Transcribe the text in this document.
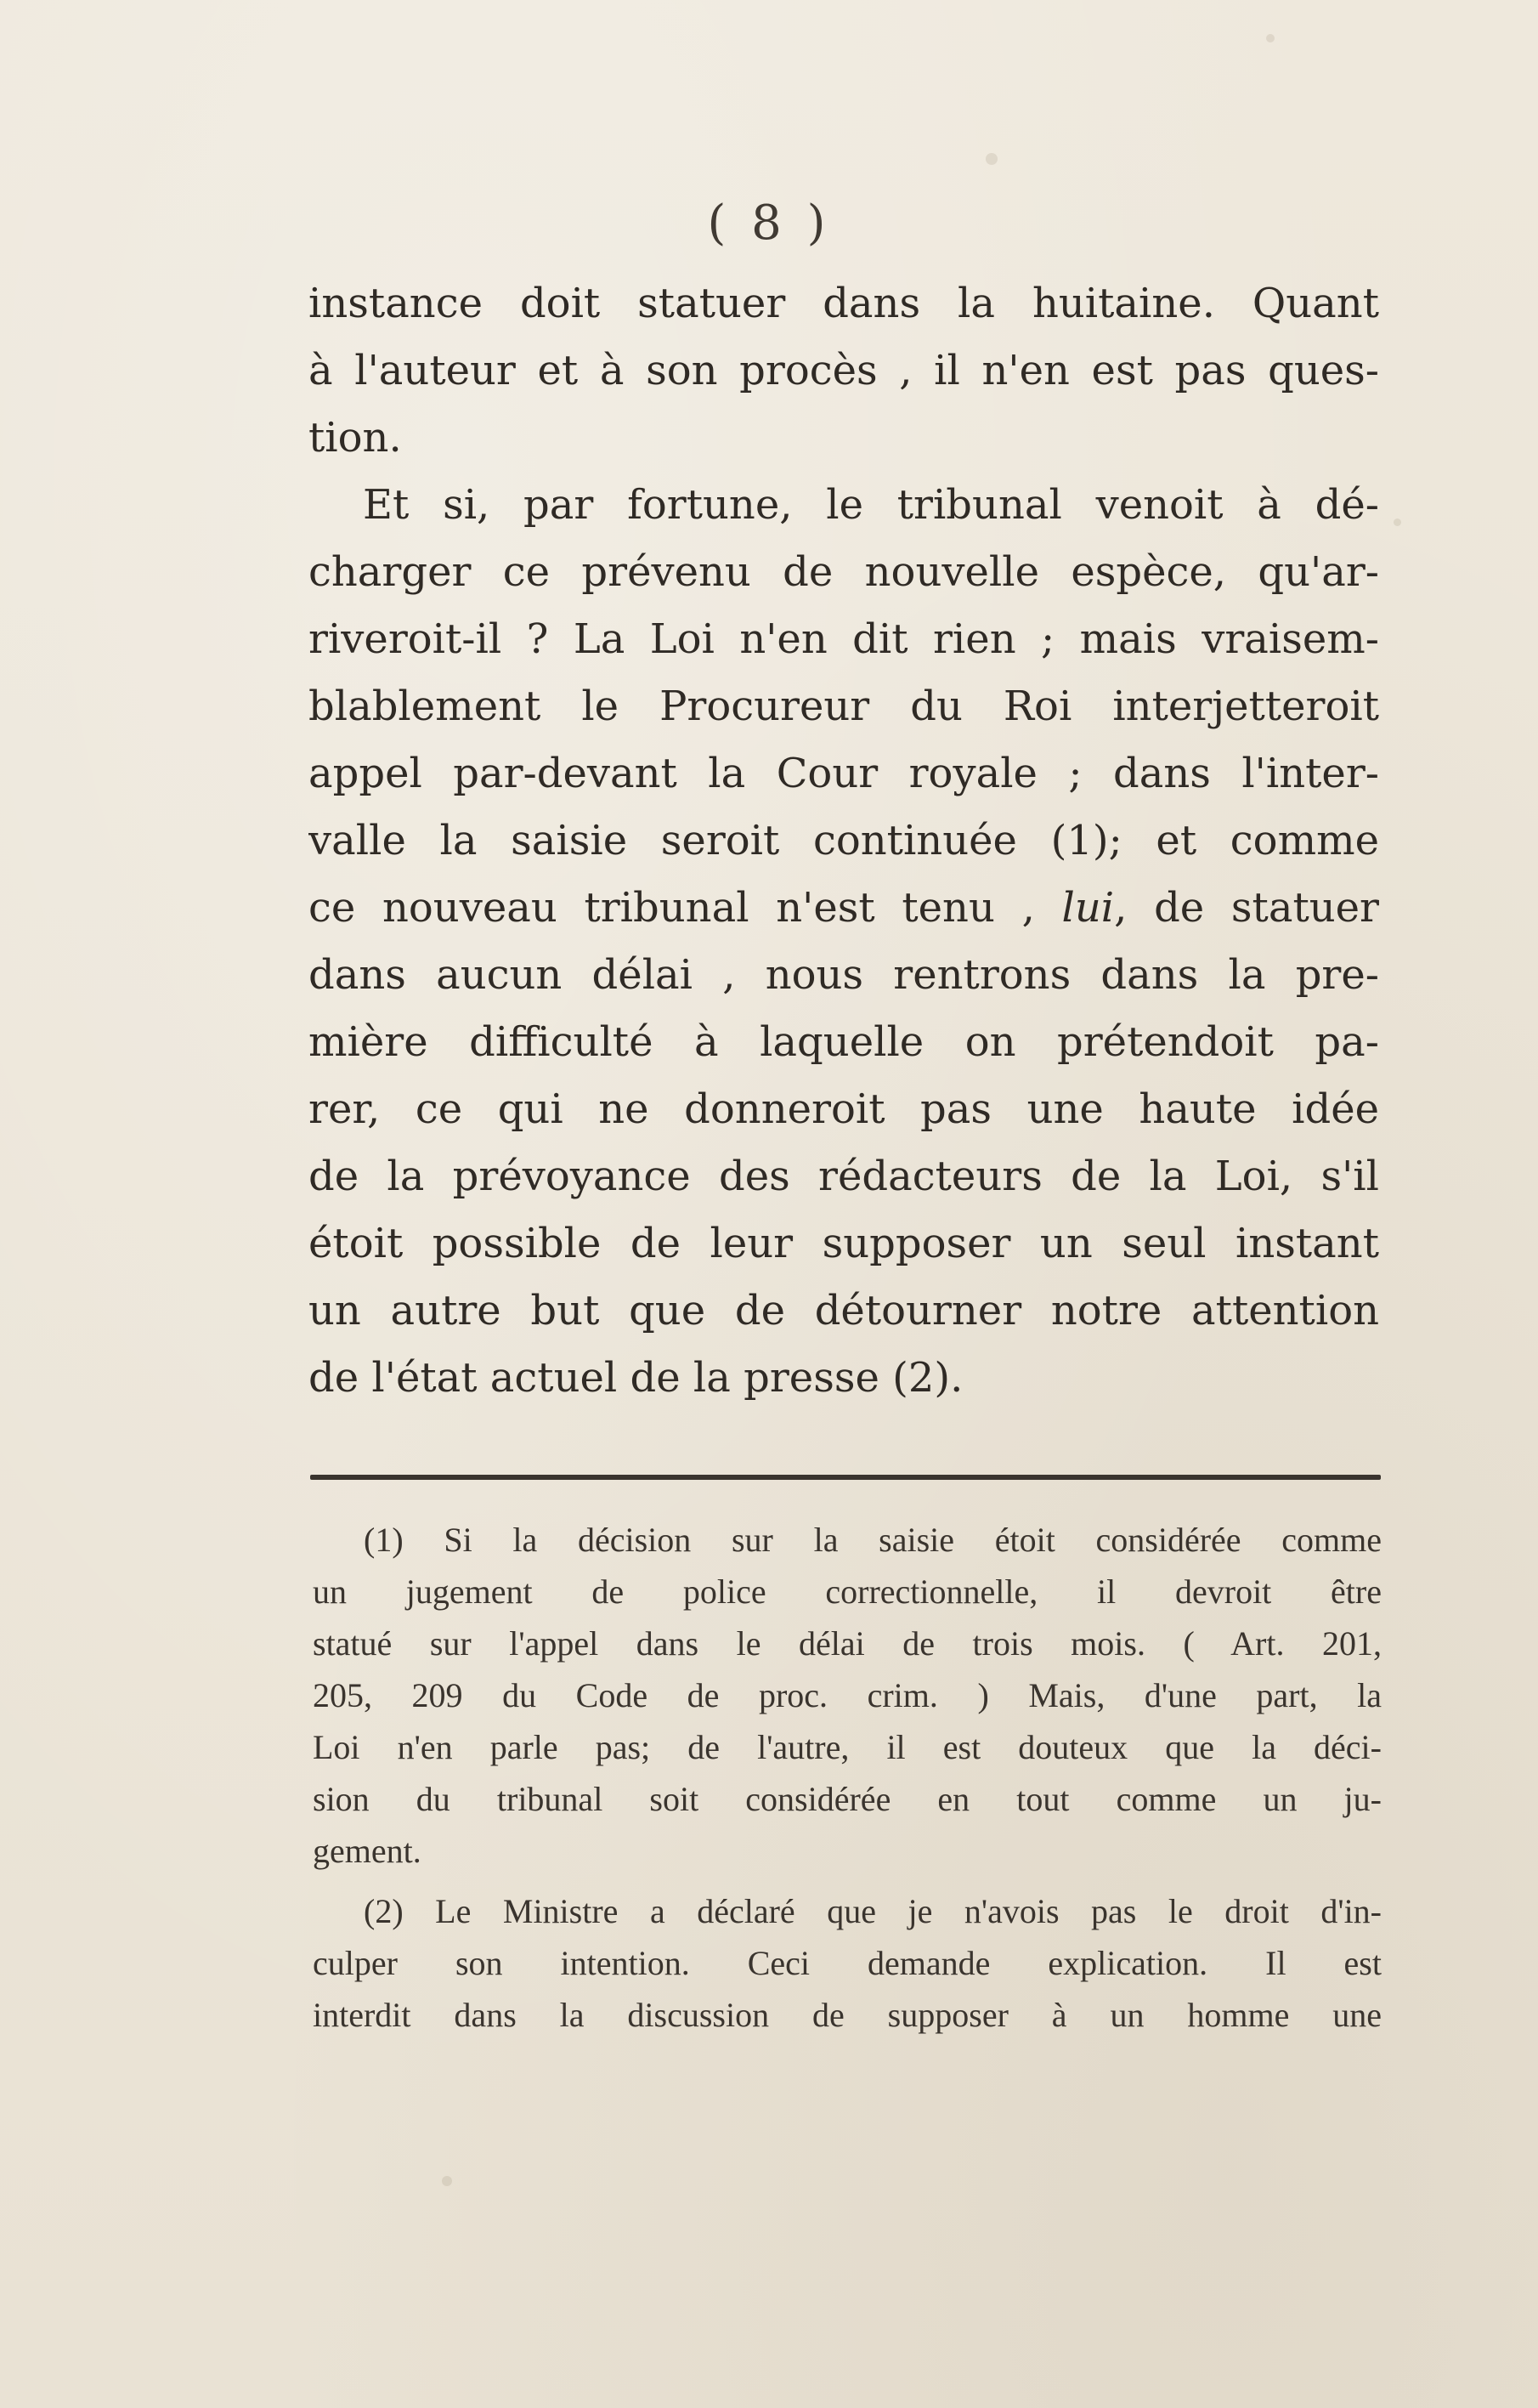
( 8 )
instance doit statuer dans la huitaine. Quant
à l'auteur et à son procès , il n'en est pas ques-
tion.
Et si, par fortune, le tribunal venoit à dé-
charger ce prévenu de nouvelle espèce, qu'ar-
riveroit-il ? La Loi n'en dit rien ; mais vraisem-
blablement le Procureur du Roi interjetteroit
appel par-devant la Cour royale ; dans l'inter-
valle la saisie seroit continuée (1); et comme
ce nouveau tribunal n'est tenu , lui, de statuer
dans aucun délai , nous rentrons dans la pre-
mière difficulté à laquelle on prétendoit pa-
rer, ce qui ne donneroit pas une haute idée
de la prévoyance des rédacteurs de la Loi, s'il
étoit possible de leur supposer un seul instant
un autre but que de détourner notre attention
de l'état actuel de la presse (2).
(1) Si la décision sur la saisie étoit considérée comme
un jugement de police correctionnelle, il devroit être
statué sur l'appel dans le délai de trois mois. ( Art. 201,
205, 209 du Code de proc. crim. ) Mais, d'une part, la
Loi n'en parle pas; de l'autre, il est douteux que la déci-
sion du tribunal soit considérée en tout comme un ju-
gement.
(2) Le Ministre a déclaré que je n'avois pas le droit d'in-
culper son intention. Ceci demande explication. Il est
interdit dans la discussion de supposer à un homme une
